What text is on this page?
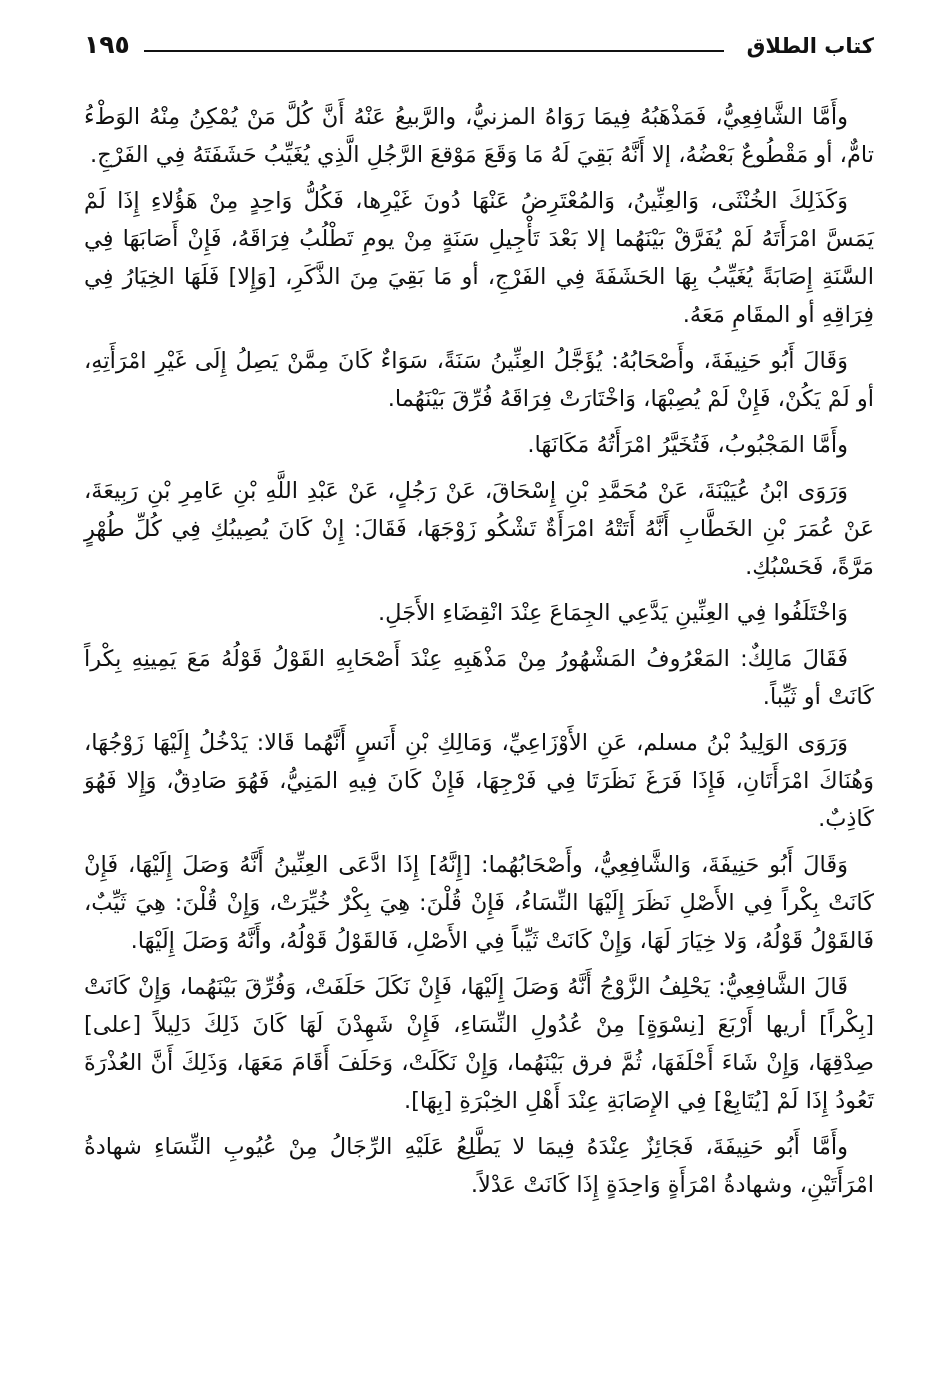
كتاب الطلاق
١٩٥

وأَمَّا الشَّافِعِيُّ، فَمَذْهَبُهُ فِيمَا رَوَاهُ المزنيُّ، والرَّبيعُ عَنْهُ أَنَّ كُلَّ مَنْ يُمْكِنُ مِنْهُ الوَطْءُ تامٌّ، أو مَقْطُوعٌ بَعْضُهُ، إلا أَنَّهُ بَقِيَ لَهُ مَا وَقَعَ مَوْقعَ الرَّجُلِ الَّذِي يُغَيِّبُ حَشَفَتَهُ فِي الفَرْجِ.

وَكَذَلِكَ الخُنْثَى، وَالعِنِّينُ، وَالمُعْتَرِضُ عَنْهَا دُونَ غَيْرِها، فَكُلُّ وَاحِدٍ مِنْ هَؤُلاءِ إِذَا لَمْ يَمَسَّ امْرَأَتَهُ لَمْ يُفَرَّقْ بَيْنَهُما إلا بَعْدَ تَأْجِيلِ سَنَةٍ مِنْ يومِ تَطْلُبُ فِرَاقَهُ، فَإِنْ أَصَابَهَا فِي السَّنَةِ إِصَابَةً يُغَيِّبُ بِهَا الحَشَفَةَ فِي الفَرْجِ، أو مَا بَقِيَ مِنَ الذَّكَرِ، [وَإِلا] فَلَهَا الخِيَارُ فِي فِرَاقِهِ أو المقَامِ مَعَهُ.

وَقَالَ أَبُو حَنِيفَةَ، وأَصْحَابُهُ: يُؤَجَّلُ العِنِّينُ سَنَةً، سَوَاءٌ كَانَ مِمَّنْ يَصِلُ إِلَى غَيْرِ امْرَأَتِهِ، أو لَمْ يَكُنْ، فَإِنْ لَمْ يُصِبْهَا، وَاخْتَارَتْ فِرَاقَهُ فُرِّقَ بَيْنَهُما.

وأَمَّا المَجْبُوبُ، فَتُخَيَّرُ امْرَأَتُهُ مَكَانَهَا.

وَرَوَى ابْنُ عُيَيْنَةَ، عَنْ مُحَمَّدِ بْنِ إِسْحَاقَ، عَنْ رَجُلٍ، عَنْ عَبْدِ اللَّهِ بْنِ عَامِرِ بْنِ رَبِيعَةَ، عَنْ عُمَرَ بْنِ الخَطَّابِ أَنَّهُ أَتَتْهُ امْرَأَةٌ تَشْكُو زَوْجَهَا، فَقَالَ: إِنْ كَانَ يُصِيبُكِ فِي كُلِّ طُهْرٍ مَرَّةً، فَحَسْبُكِ.

وَاخْتَلَفُوا فِي العِنِّينِ يَدَّعِي الجِمَاعَ عِنْدَ انْقِضَاءِ الأَجَلِ.

فَقَالَ مَالِكٌ: المَعْرُوفُ المَشْهُورُ مِنْ مَذْهَبِهِ عِنْدَ أَصْحَابِهِ القَوْلُ قَوْلُهُ مَعَ يَمِينِهِ بِكْراً كَانَتْ أو ثَيِّباً.

وَرَوَى الوَلِيدُ بْنُ مسلم، عَنِ الأَوْزَاعِيِّ، وَمَالِكِ بْنِ أَنَسٍ أَنَّهُما قَالا: يَدْخُلُ إِلَيْهَا زَوْجُهَا، وَهُنَاكَ امْرَأَتَانِ، فَإِذَا فَرَغَ نَظَرَتَا فِي فَرْجِهَا، فَإِنْ كَانَ فِيهِ المَنِيُّ، فَهُوَ صَادِقٌ، وَإِلا فَهُوَ كَاذِبٌ.

وَقَالَ أَبُو حَنِيفَةَ، وَالشَّافِعِيُّ، وأَصْحَابُهُما: [إِنَّهُ] إِذَا ادَّعَى العِنِّينُ أَنَّهُ وَصَلَ إِلَيْهَا، فَإِنْ كَانَتْ بِكْراً فِي الأَصْلِ نَظَرَ إِلَيْهَا النِّسَاءُ، فَإِنْ قُلْنَ: هِيَ بِكْرٌ خُيِّرَتْ، وَإِنْ قُلْنَ: هِيَ ثَيِّبٌ، فَالقَوْلُ قَوْلُهُ، وَلا خِيَارَ لَهَا، وَإِنْ كَانَتْ ثَيِّباً فِي الأَصْلِ، فَالقَوْلُ قَوْلُهُ، وأَنَّهُ وَصَلَ إِلَيْهَا.

قَالَ الشَّافِعِيُّ: يَحْلِفُ الزَّوْجُ أَنَّهُ وَصَلَ إِلَيْهَا، فَإِنْ نَكَلَ حَلَفَتْ، وَفُرِّقَ بَيْنَهُما، وَإِنْ كَانَتْ [بِكْراً] أريها أَرْبَعَ [نِسْوَةٍ] مِنْ عُدُولِ النِّسَاءِ، فَإِنْ شَهِدْنَ لَهَا كَانَ ذَلِكَ دَلِيلاً [على] صِدْقِهَا، وَإِنْ شَاءَ أَحْلَفَهَا، ثُمَّ فرق بَيْنَهُما، وَإِنْ نَكَلَتْ، وَحَلَفَ أَقَامَ مَعَهَا، وَذَلِكَ أَنَّ العُذْرَةَ تَعُودُ إِذَا لَمْ [يُتَابِعْ] فِي الإِصَابَةِ عِنْدَ أَهْلِ الخِبْرَةِ [بِهَا].

وأَمَّا أَبُو حَنِيفَةَ، فَجَائِزٌ عِنْدَهُ فِيمَا لا يَطَّلِعُ عَلَيْهِ الرِّجَالُ مِنْ عُيُوبِ النِّسَاءِ شهادةُ امْرَأَتَيْنِ، وشهادةُ امْرَأَةٍ وَاحِدَةٍ إِذَا كَانَتْ عَدْلاً.
